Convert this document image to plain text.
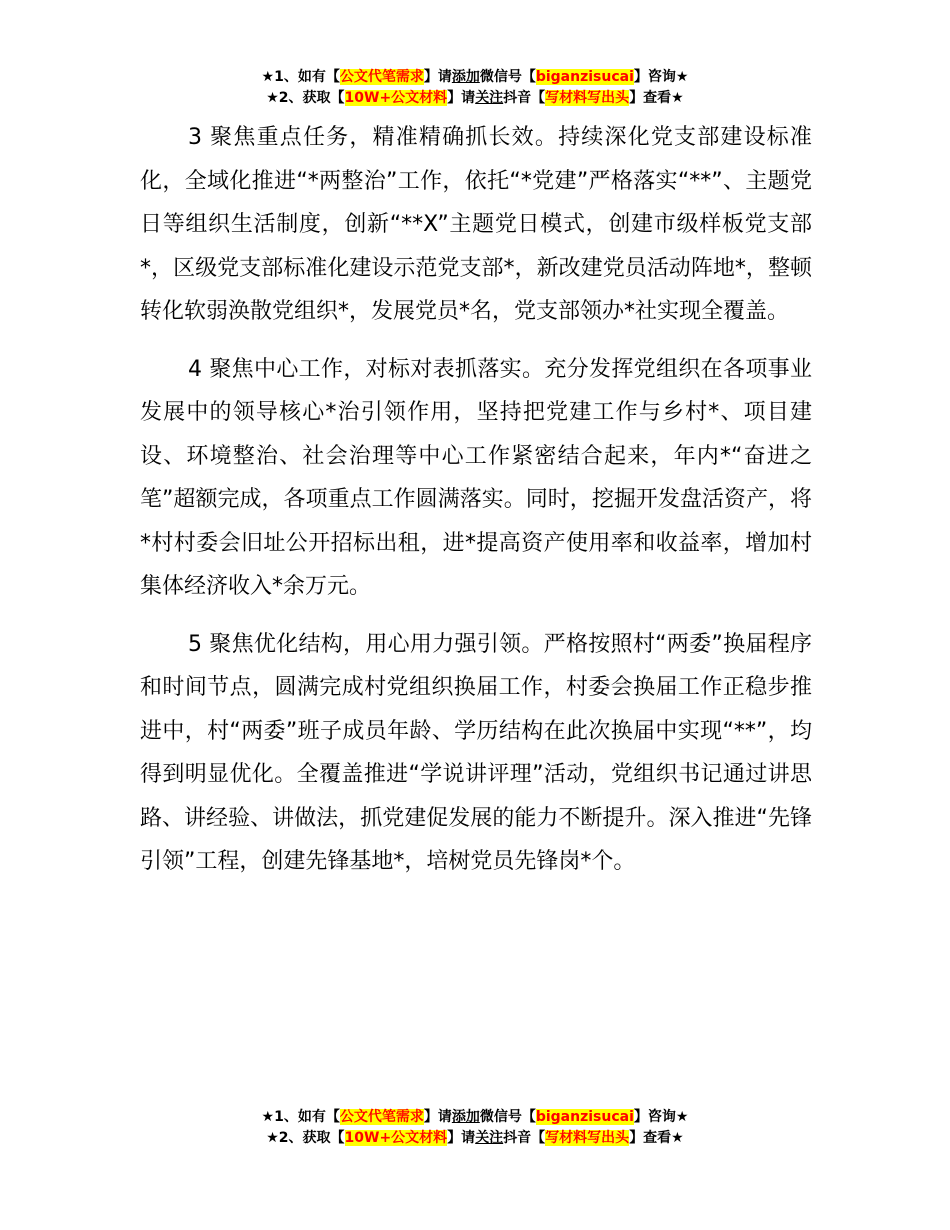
★1、如有【公文代笔需求】请添加微信号【biganzisucai】咨询★
★2、获取【10W+公文材料】请关注抖音【写材料写出头】查看★

3 聚焦重点任务，精准精确抓长效。持续深化党支部建设标准化，全域化推进“*两整治”工作，依托“*党建”严格落实“**”、主题党日等组织生活制度，创新“**X”主题党日模式，创建市级样板党支部*，区级党支部标准化建设示范党支部*，新改建党员活动阵地*，整顿转化软弱涣散党组织*，发展党员*名，党支部领办*社实现全覆盖。

4 聚焦中心工作，对标对表抓落实。充分发挥党组织在各项事业发展中的领导核心*治引领作用，坚持把党建工作与乡村*、项目建设、环境整治、社会治理等中心工作紧密结合起来，年内*“奋进之笔”超额完成，各项重点工作圆满落实。同时，挖掘开发盘活资产，将*村村委会旧址公开招标出租，进*提高资产使用率和收益率，增加村集体经济收入*余万元。

5 聚焦优化结构，用心用力强引领。严格按照村“两委”换届程序和时间节点，圆满完成村党组织换届工作，村委会换届工作正稳步推进中，村“两委”班子成员年龄、学历结构在此次换届中实现“**”，均得到明显优化。全覆盖推进“学说讲评理”活动，党组织书记通过讲思路、讲经验、讲做法，抓党建促发展的能力不断提升。深入推进“先锋引领”工程，创建先锋基地*，培树党员先锋岗*个。

★1、如有【公文代笔需求】请添加微信号【biganzisucai】咨询★
★2、获取【10W+公文材料】请关注抖音【写材料写出头】查看★
